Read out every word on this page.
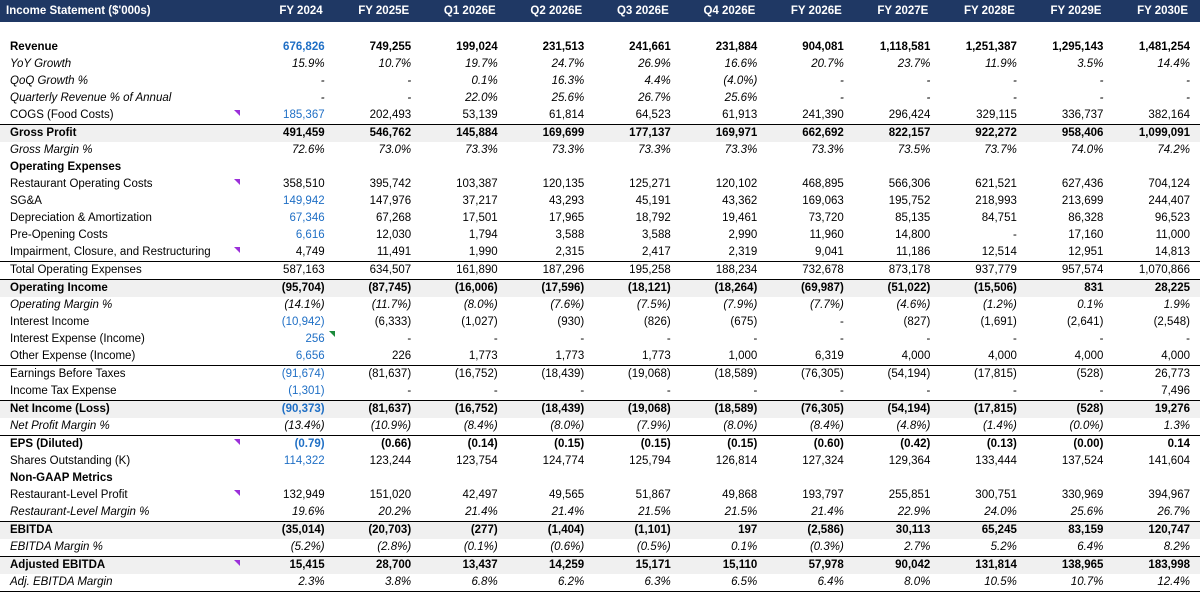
Income Statement ($'000s)	FY 2024	FY 2025E	Q1 2026E	Q2 2026E	Q3 2026E	Q4 2026E	FY 2026E	FY 2027E	FY 2028E	FY 2029E	FY 2030E

Revenue	676,826	749,255	199,024	231,513	241,661	231,884	904,081	1,118,581	1,251,387	1,295,143	1,481,254
YoY Growth	15.9%	10.7%	19.7%	24.7%	26.9%	16.6%	20.7%	23.7%	11.9%	3.5%	14.4%
QoQ Growth %	-	-	0.1%	16.3%	4.4%	(4.0%)	-	-	-	-	-
Quarterly Revenue % of Annual	-	-	22.0%	25.6%	26.7%	25.6%	-	-	-	-	-
COGS (Food Costs)	185,367	202,493	53,139	61,814	64,523	61,913	241,390	296,424	329,115	336,737	382,164
Gross Profit	491,459	546,762	145,884	169,699	177,137	169,971	662,692	822,157	922,272	958,406	1,099,091
Gross Margin %	72.6%	73.0%	73.3%	73.3%	73.3%	73.3%	73.3%	73.5%	73.7%	74.0%	74.2%
Operating Expenses											
Restaurant Operating Costs	358,510	395,742	103,387	120,135	125,271	120,102	468,895	566,306	621,521	627,436	704,124
SG&A	149,942	147,976	37,217	43,293	45,191	43,362	169,063	195,752	218,993	213,699	244,407
Depreciation & Amortization	67,346	67,268	17,501	17,965	18,792	19,461	73,720	85,135	84,751	86,328	96,523
Pre-Opening Costs	6,616	12,030	1,794	3,588	3,588	2,990	11,960	14,800	-	17,160	11,000
Impairment, Closure, and Restructuring	4,749	11,491	1,990	2,315	2,417	2,319	9,041	11,186	12,514	12,951	14,813
Total Operating Expenses	587,163	634,507	161,890	187,296	195,258	188,234	732,678	873,178	937,779	957,574	1,070,866
Operating Income	(95,704)	(87,745)	(16,006)	(17,596)	(18,121)	(18,264)	(69,987)	(51,022)	(15,506)	831	28,225
Operating Margin %	(14.1%)	(11.7%)	(8.0%)	(7.6%)	(7.5%)	(7.9%)	(7.7%)	(4.6%)	(1.2%)	0.1%	1.9%
Interest Income	(10,942)	(6,333)	(1,027)	(930)	(826)	(675)	-	(827)	(1,691)	(2,641)	(2,548)
Interest Expense (Income)	256	-	-	-	-	-	-	-	-	-	-
Other Expense (Income)	6,656	226	1,773	1,773	1,773	1,000	6,319	4,000	4,000	4,000	4,000
Earnings Before Taxes	(91,674)	(81,637)	(16,752)	(18,439)	(19,068)	(18,589)	(76,305)	(54,194)	(17,815)	(528)	26,773
Income Tax Expense	(1,301)	-	-	-	-	-	-	-	-	-	7,496
Net Income (Loss)	(90,373)	(81,637)	(16,752)	(18,439)	(19,068)	(18,589)	(76,305)	(54,194)	(17,815)	(528)	19,276
Net Profit Margin %	(13.4%)	(10.9%)	(8.4%)	(8.0%)	(7.9%)	(8.0%)	(8.4%)	(4.8%)	(1.4%)	(0.0%)	1.3%
EPS (Diluted)	(0.79)	(0.66)	(0.14)	(0.15)	(0.15)	(0.15)	(0.60)	(0.42)	(0.13)	(0.00)	0.14
Shares Outstanding (K)	114,322	123,244	123,754	124,774	125,794	126,814	127,324	129,364	133,444	137,524	141,604
Non-GAAP Metrics											
Restaurant-Level Profit	132,949	151,020	42,497	49,565	51,867	49,868	193,797	255,851	300,751	330,969	394,967
Restaurant-Level Margin %	19.6%	20.2%	21.4%	21.4%	21.5%	21.5%	21.4%	22.9%	24.0%	25.6%	26.7%
EBITDA	(35,014)	(20,703)	(277)	(1,404)	(1,101)	197	(2,586)	30,113	65,245	83,159	120,747
EBITDA Margin %	(5.2%)	(2.8%)	(0.1%)	(0.6%)	(0.5%)	0.1%	(0.3%)	2.7%	5.2%	6.4%	8.2%
Adjusted EBITDA	15,415	28,700	13,437	14,259	15,171	15,110	57,978	90,042	131,814	138,965	183,998
Adj. EBITDA Margin	2.3%	3.8%	6.8%	6.2%	6.3%	6.5%	6.4%	8.0%	10.5%	10.7%	12.4%
